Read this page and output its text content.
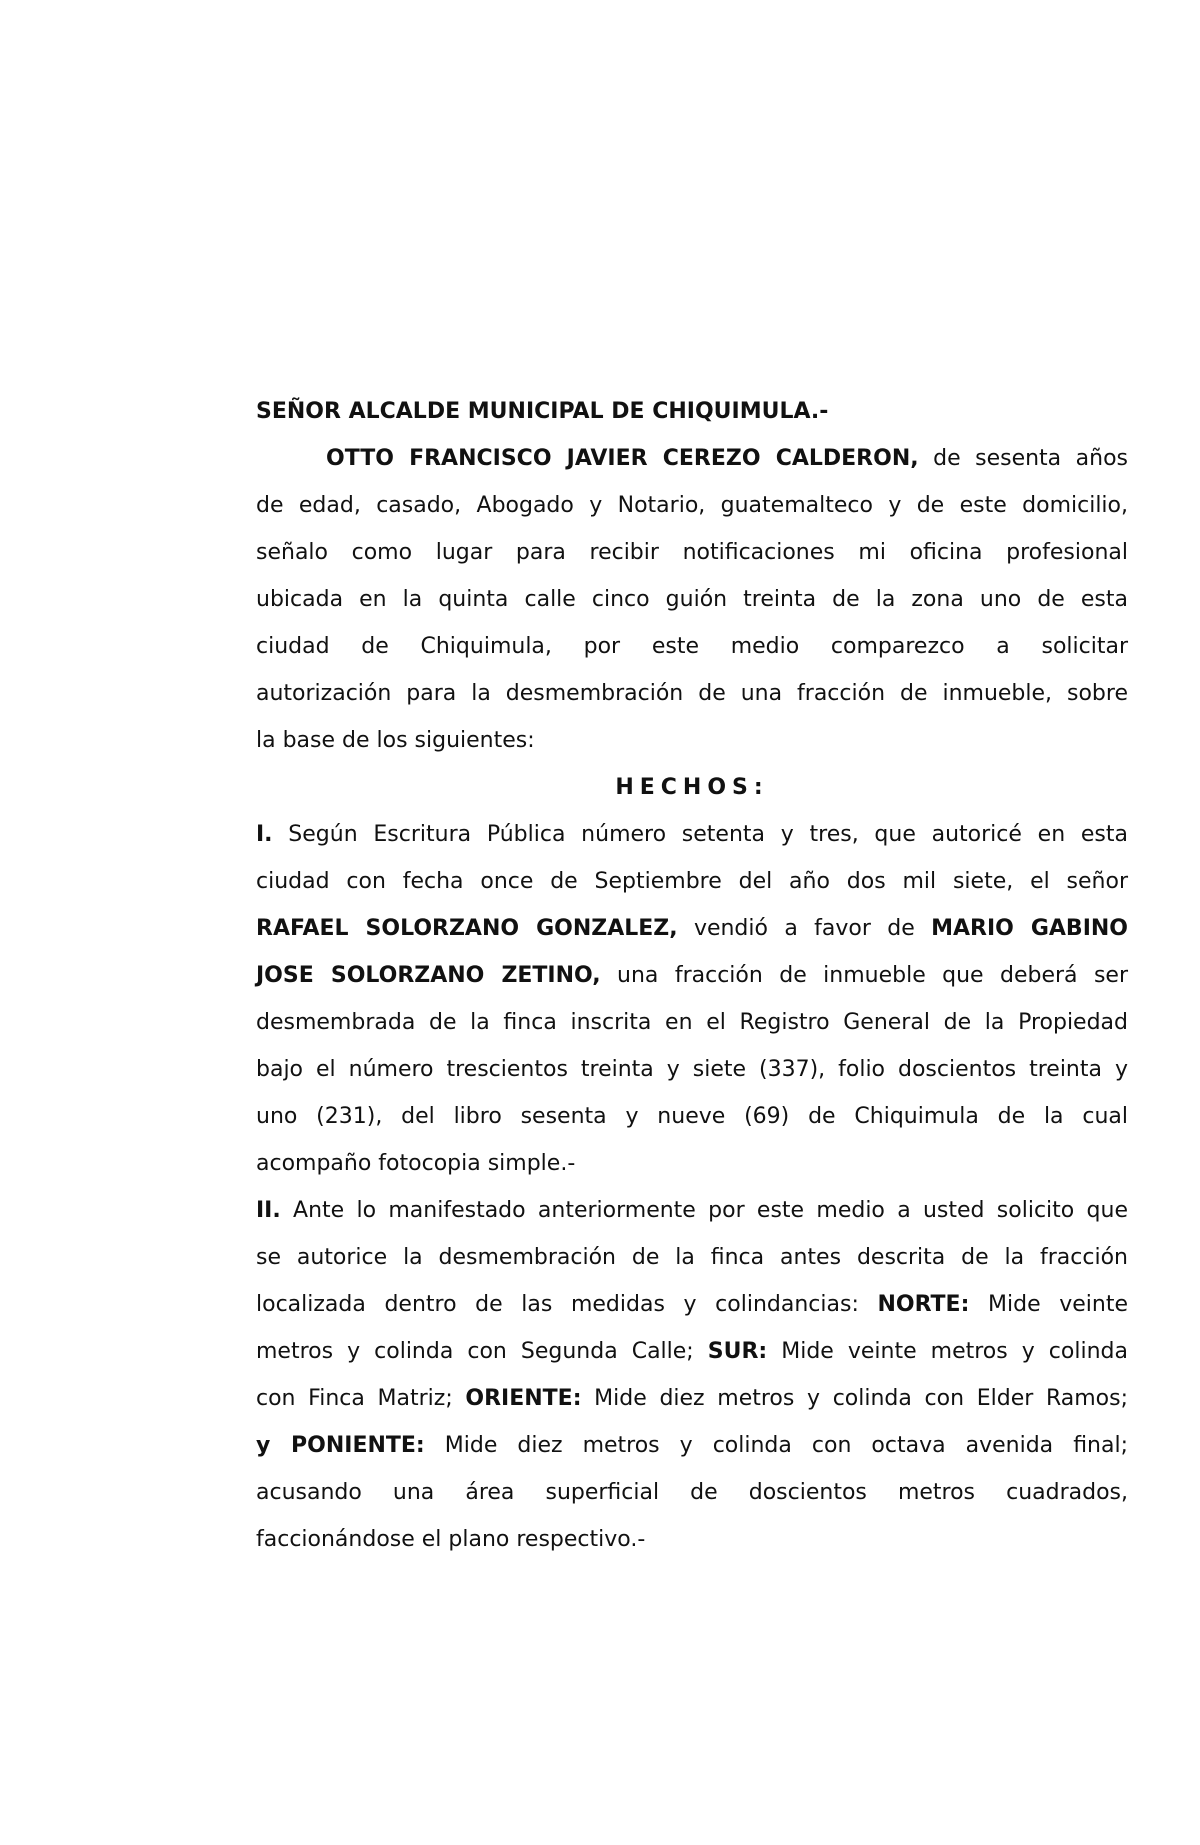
SEÑOR ALCALDE MUNICIPAL DE CHIQUIMULA.-
OTTO FRANCISCO JAVIER CEREZO CALDERON, de sesenta años
de edad, casado, Abogado y Notario, guatemalteco y de este domicilio,
señalo como lugar para recibir notificaciones mi oficina profesional
ubicada en la quinta calle cinco guión treinta de la zona uno de esta
ciudad de Chiquimula, por este medio comparezco a solicitar
autorización para la desmembración de una fracción de inmueble, sobre
la base de los siguientes:
HECHOS:
I. Según Escritura Pública número setenta y tres, que autoricé en esta
ciudad con fecha once de Septiembre del año dos mil siete, el señor
RAFAEL SOLORZANO GONZALEZ, vendió a favor de MARIO GABINO
JOSE SOLORZANO ZETINO, una fracción de inmueble que deberá ser
desmembrada de la finca inscrita en el Registro General de la Propiedad
bajo el número trescientos treinta y siete (337), folio doscientos treinta y
uno (231), del libro sesenta y nueve (69) de Chiquimula de la cual
acompaño fotocopia simple.-
II. Ante lo manifestado anteriormente por este medio a usted solicito que
se autorice la desmembración de la finca antes descrita de la fracción
localizada dentro de las medidas y colindancias: NORTE: Mide veinte
metros y colinda con Segunda Calle; SUR: Mide veinte metros y colinda
con Finca Matriz; ORIENTE: Mide diez metros y colinda con Elder Ramos;
y PONIENTE: Mide diez metros y colinda con octava avenida final;
acusando una área superficial de doscientos metros cuadrados,
faccionándose el plano respectivo.-
